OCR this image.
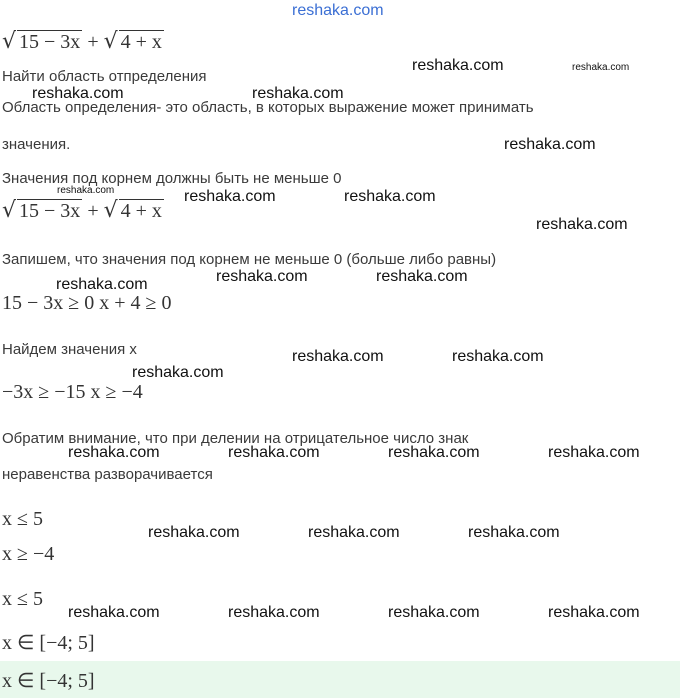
reshaka.com
√ 15 − 3x + √ 4 + x
Найти область отпределения
reshaka.com	reshaka.com
reshaka.com	reshaka.com
Область определения- это область, в которых выражение может принимать
значения.	reshaka.com
Значения под корнем должны быть не меньше 0
reshaka.com
√ 15 − 3x + √ 4 + x
reshaka.com	reshaka.com
reshaka.com
Запишем, что значения под корнем не меньше 0 (больше либо равны)
reshaka.com	reshaka.com
reshaka.com
15 − 3x ≥ 0 x + 4 ≥ 0
Найдем значения x	reshaka.com	reshaka.com
reshaka.com
−3x ≥ −15 x ≥ −4
Обратим внимание, что при делении на отрицательное число знак
reshaka.com	reshaka.com	reshaka.com	reshaka.com
неравенства разворачивается
x ≤ 5
reshaka.com	reshaka.com	reshaka.com
x ≥ −4
x ≤ 5
reshaka.com	reshaka.com	reshaka.com	reshaka.com
x ∈ [−4; 5]
x ∈ [−4; 5]
